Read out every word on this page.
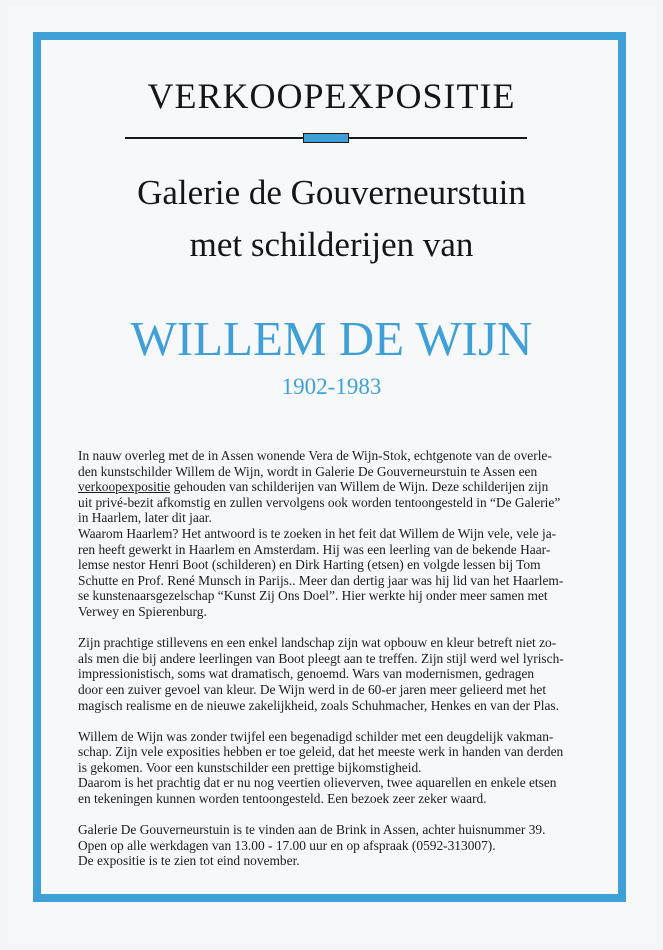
VERKOOPEXPOSITIE
Galerie de Gouverneurstuin
met schilderijen van
WILLEM DE WIJN
1902-1983

In nauw overleg met de in Assen wonende Vera de Wijn-Stok, echtgenote van de overle-
den kunstschilder Willem de Wijn, wordt in Galerie De Gouverneurstuin te Assen een
verkoopexpositie gehouden van schilderijen van Willem de Wijn. Deze schilderijen zijn
uit privé-bezit afkomstig en zullen vervolgens ook worden tentoongesteld in “De Galerie”
in Haarlem, later dit jaar.
Waarom Haarlem? Het antwoord is te zoeken in het feit dat Willem de Wijn vele, vele ja-
ren heeft gewerkt in Haarlem en Amsterdam. Hij was een leerling van de bekende Haar-
lemse nestor Henri Boot (schilderen) en Dirk Harting (etsen) en volgde lessen bij Tom
Schutte en Prof. René Munsch in Parijs.. Meer dan dertig jaar was hij lid van het Haarlem-
se kunstenaarsgezelschap “Kunst Zij Ons Doel”. Hier werkte hij onder meer samen met
Verwey en Spierenburg.

Zijn prachtige stillevens en een enkel landschap zijn wat opbouw en kleur betreft niet zo-
als men die bij andere leerlingen van Boot pleegt aan te treffen. Zijn stijl werd wel lyrisch-
impressionistisch, soms wat dramatisch, genoemd. Wars van modernismen, gedragen
door een zuiver gevoel van kleur. De Wijn werd in de 60-er jaren meer gelieerd met het
magisch realisme en de nieuwe zakelijkheid, zoals Schuhmacher, Henkes en van der Plas.

Willem de Wijn was zonder twijfel een begenadigd schilder met een deugdelijk vakman-
schap. Zijn vele exposities hebben er toe geleid, dat het meeste werk in handen van derden
is gekomen. Voor een kunstschilder een prettige bijkomstigheid.
Daarom is het prachtig dat er nu nog veertien olieverven, twee aquarellen en enkele etsen
en tekeningen kunnen worden tentoongesteld. Een bezoek zeer zeker waard.

Galerie De Gouverneurstuin is te vinden aan de Brink in Assen, achter huisnummer 39.
Open op alle werkdagen van 13.00 - 17.00 uur en op afspraak (0592-313007).
De expositie is te zien tot eind november.
